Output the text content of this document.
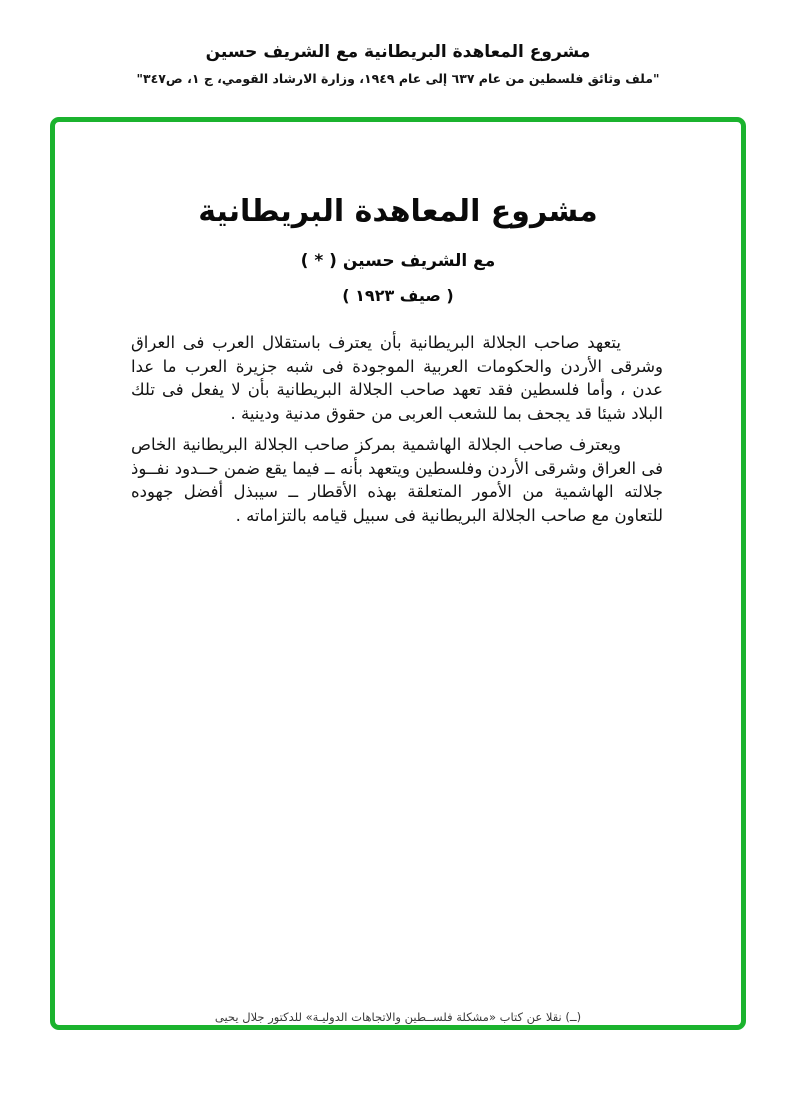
مشروع المعاهدة البريطانية مع الشريف حسين
"ملف وثائق فلسطين من عام ٦٣٧ إلى عام ١٩٤٩، وزارة الارشاد القومي، ج ١، ص٣٤٧"
مشروع المعاهدة البريطانية
مع الشريف حسين ( * )
( صيف ١٩٢٣ )

يتعهد صاحب الجلالة البريطانية بأن يعترف باستقلال العرب فى العراق وشرقى الأردن والحكومات العربية الموجودة فى شبه جزيرة العرب ما عدا عدن ، وأما فلسطين فقد تعهد صاحب الجلالة البريطانية بأن لا يفعل فى تلك البلاد شيئا قد يجحف بما للشعب العربى من حقوق مدنية ودينية .

ويعترف صاحب الجلالة الهاشمية بمركز صاحب الجلالة البريطانية الخاص فى العراق وشرقى الأردن وفلسطين ويتعهد بأنه ــ فيما يقع ضمن حــدود نفــوذ جلالته الهاشمية من الأمور المتعلقة بهذه الأقطار ــ سيبذل أفضل جهوده للتعاون مع صاحب الجلالة البريطانية فى سبيل قيامه بالتزاماته .

(ــ) نقلا عن كتاب «مشكلة فلســطين والاتجاهات الدوليـة» للدكتور جلال يحيى
